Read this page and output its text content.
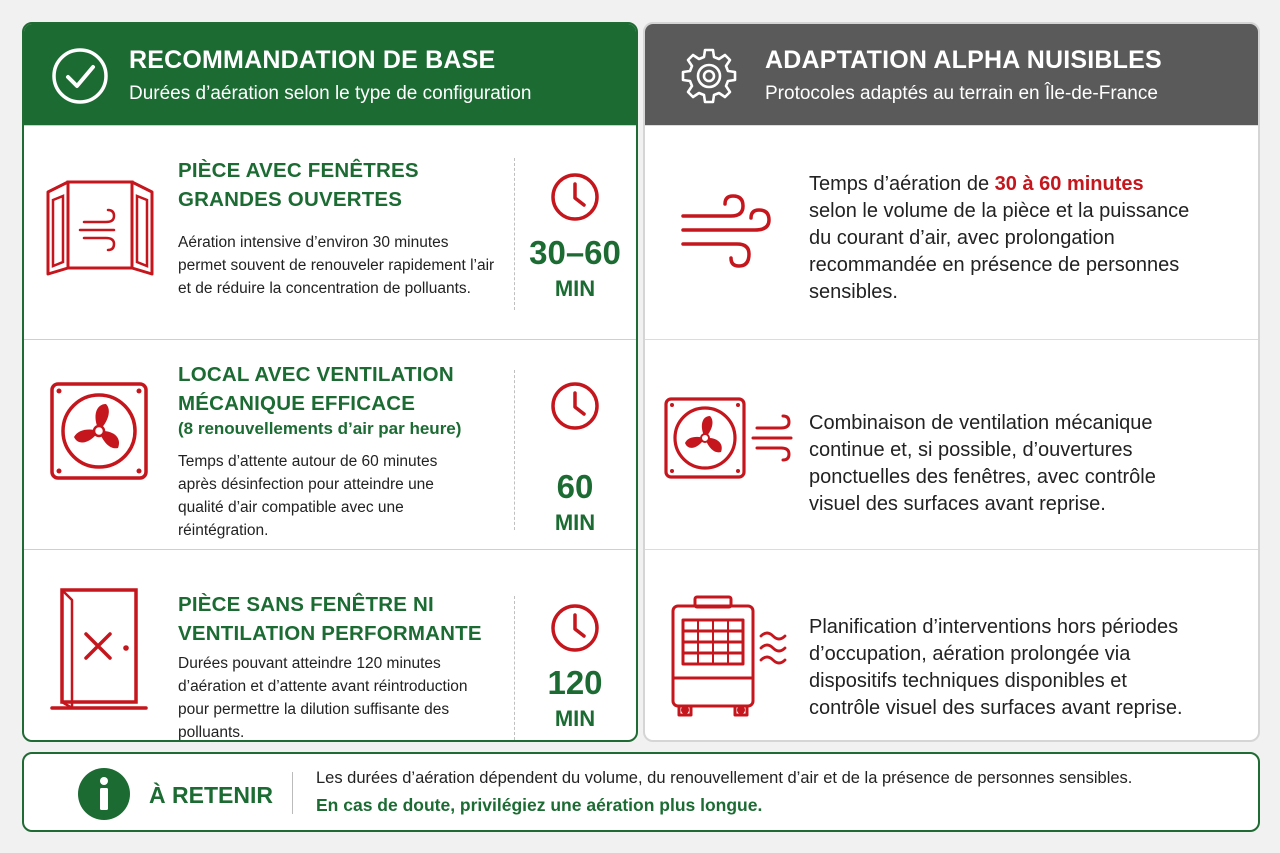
RECOMMANDATION DE BASE
Durées d’aération selon le type de configuration
PIÈCE AVEC FENÊTRES
GRANDES OUVERTES
Aération intensive d’environ 30 minutes
permet souvent de renouveler rapidement l’air
et de réduire la concentration de polluants.
30–60
MIN
LOCAL AVEC VENTILATION
MÉCANIQUE EFFICACE
(8 renouvellements d’air par heure)
Temps d’attente autour de 60 minutes
après désinfection pour atteindre une
qualité d’air compatible avec une
réintégration.
60
MIN
PIÈCE SANS FENÊTRE NI
VENTILATION PERFORMANTE
Durées pouvant atteindre 120 minutes
d’aération et d’attente avant réintroduction
pour permettre la dilution suffisante des
polluants.
120
MIN
ADAPTATION ALPHA NUISIBLES
Protocoles adaptés au terrain en Île-de-France
Temps d’aération de 30 à 60 minutes
selon le volume de la pièce et la puissance
du courant d’air, avec prolongation
recommandée en présence de personnes
sensibles.
Combinaison de ventilation mécanique
continue et, si possible, d’ouvertures
ponctuelles des fenêtres, avec contrôle
visuel des surfaces avant reprise.
Planification d’interventions hors périodes
d’occupation, aération prolongée via
dispositifs techniques disponibles et
contrôle visuel des surfaces avant reprise.
À RETENIR
Les durées d’aération dépendent du volume, du renouvellement d’air et de la présence de personnes sensibles.
En cas de doute, privilégiez une aération plus longue.
